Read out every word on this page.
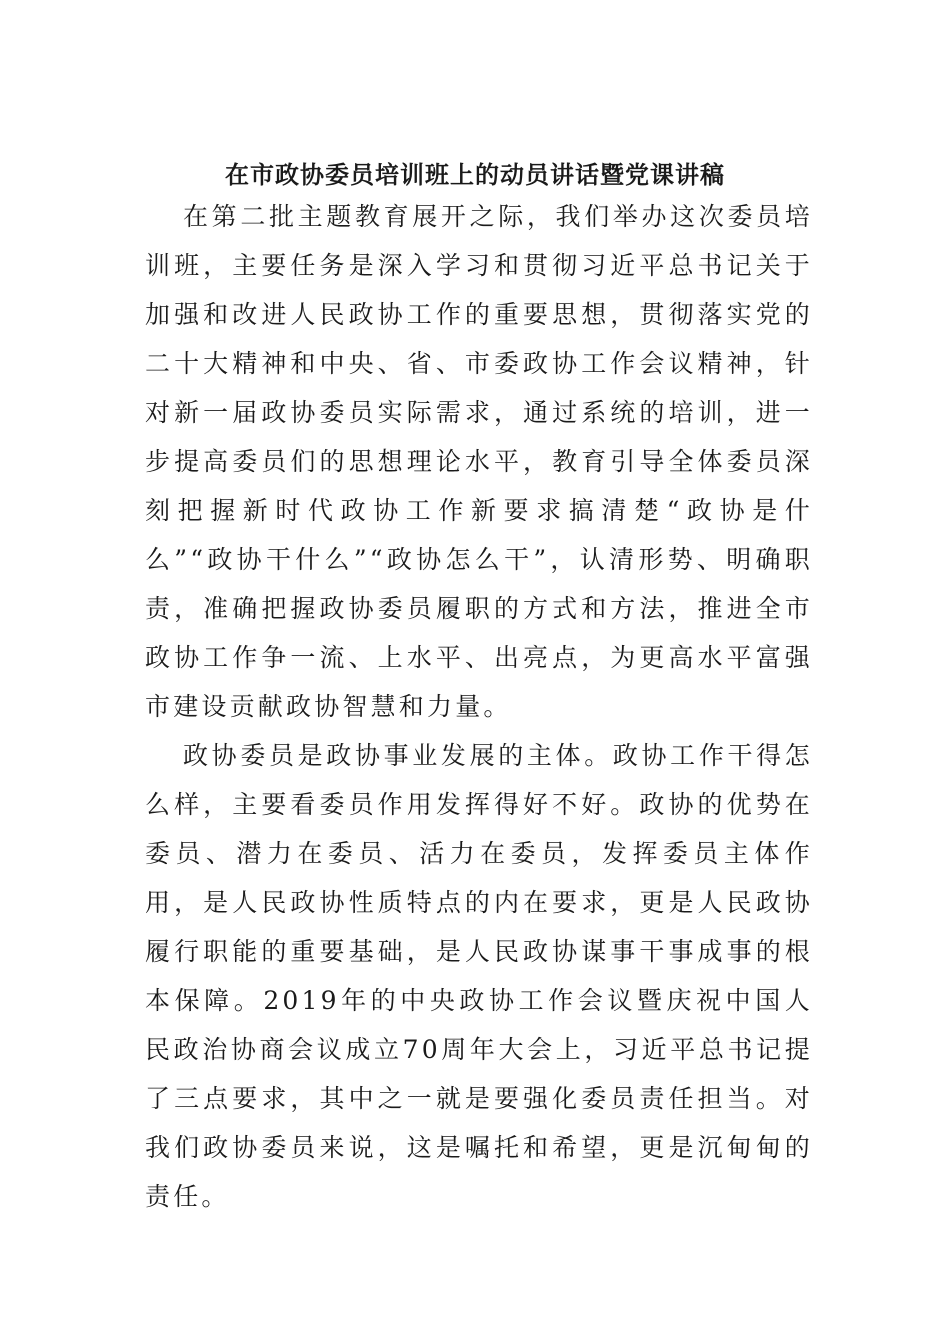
在市政协委员培训班上的动员讲话暨党课讲稿

在第二批主题教育展开之际，我们举办这次委员培训班，主要任务是深入学习和贯彻习近平总书记关于加强和改进人民政协工作的重要思想，贯彻落实党的二十大精神和中央、省、市委政协工作会议精神，针对新一届政协委员实际需求，通过系统的培训，进一步提高委员们的思想理论水平，教育引导全体委员深刻把握新时代政协工作新要求搞清楚“政协是什么”“政协干什么”“政协怎么干”，认清形势、明确职责，准确把握政协委员履职的方式和方法，推进全市政协工作争一流、上水平、出亮点，为更高水平富强市建设贡献政协智慧和力量。

政协委员是政协事业发展的主体。政协工作干得怎么样，主要看委员作用发挥得好不好。政协的优势在委员、潜力在委员、活力在委员，发挥委员主体作用，是人民政协性质特点的内在要求，更是人民政协履行职能的重要基础，是人民政协谋事干事成事的根本保障。2019年的中央政协工作会议暨庆祝中国人民政治协商会议成立70周年大会上，习近平总书记提了三点要求，其中之一就是要强化委员责任担当。对我们政协委员来说，这是嘱托和希望，更是沉甸甸的责任。
